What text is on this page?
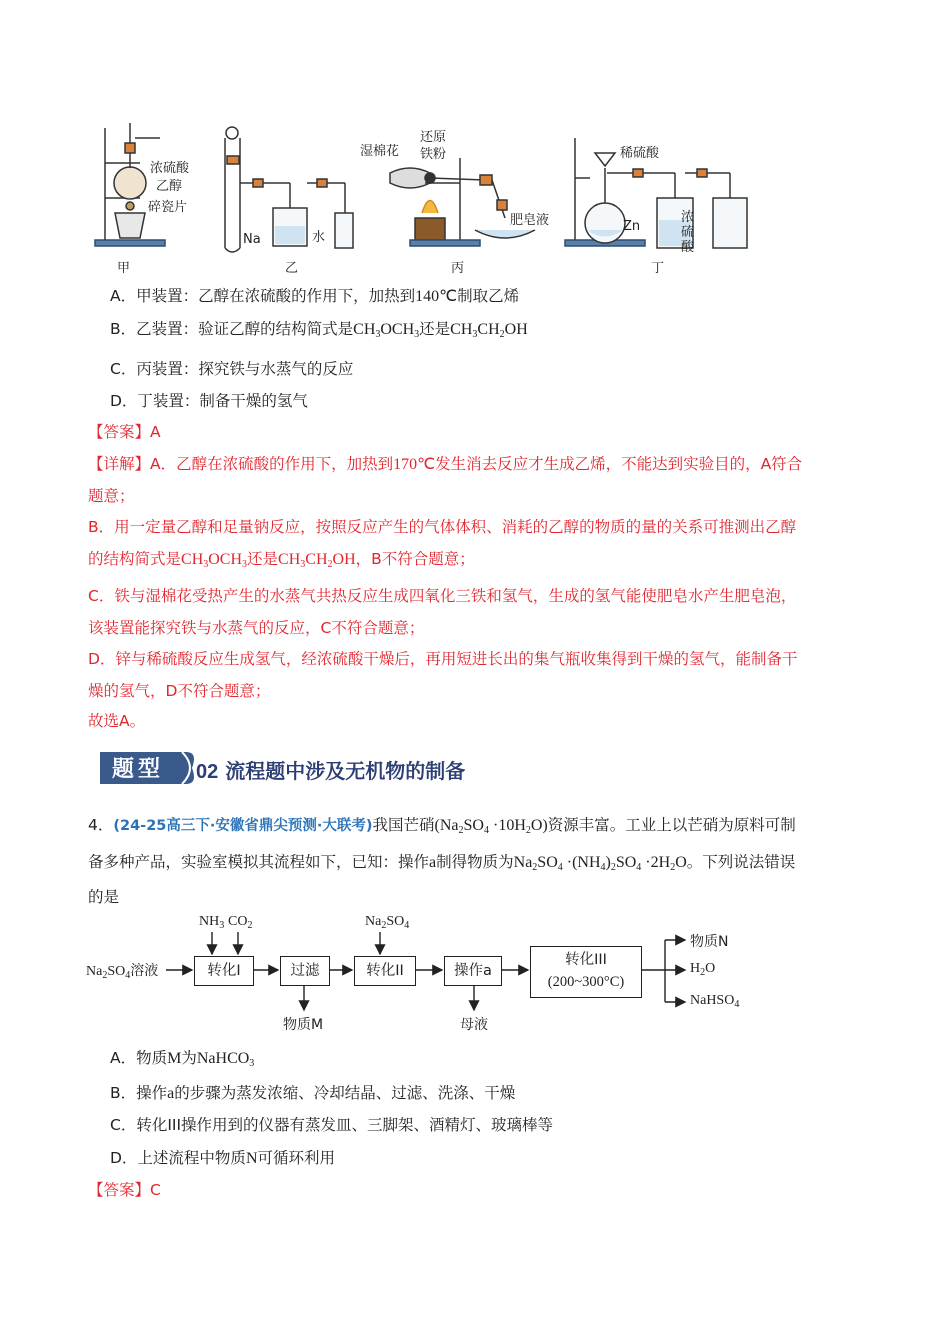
浓硫酸
乙醇
碎瓷片
Na	水
湿棉花
还原
铁粉
肥皂液
稀硫酸
Zn
浓
硫
酸
甲	乙	丙	丁
A．甲装置：乙醇在浓硫酸的作用下，加热到140℃制取乙烯
B．乙装置：验证乙醇的结构简式是$CH_3OCH_3$还是$CH_3CH_2OH$
C．丙装置：探究铁与水蒸气的反应
D．丁装置：制备干燥的氢气
【答案】A
【详解】A．乙醇在浓硫酸的作用下，加热到170℃发生消去反应才生成乙烯，不能达到实验目的，A符合
题意；
B．用一定量乙醇和足量钠反应，按照反应产生的气体体积、消耗的乙醇的物质的量的关系可推测出乙醇
的结构简式是$CH_3OCH_3$还是$CH_3CH_2OH$，B不符合题意；
C．铁与湿棉花受热产生的水蒸气共热反应生成四氧化三铁和氢气，生成的氢气能使肥皂水产生肥皂泡，
该装置能探究铁与水蒸气的反应，C不符合题意；
D．锌与稀硫酸反应生成氢气，经浓硫酸干燥后，再用短进长出的集气瓶收集得到干燥的氢气，能制备干
燥的氢气，D不符合题意；
故选A。
题型 02 流程题中涉及无机物的制备
4．(24-25高三下·安徽省鼎尖预测·大联考)我国芒硝$(Na_2SO_4 \cdot 10H_2O)$资源丰富。工业上以芒硝为原料可制
备多种产品，实验室模拟其流程如下，已知：操作a制得物质为$Na_2SO_4 \cdot(NH_4)_2SO_4 \cdot 2H_2O$。下列说法错误
的是
$Na_2SO_4$溶液
$NH_3$ $CO_2$	$Na_2SO_4$
转化I	过滤	转化II	操作a
转化III
(200~300°C)
物质M	母液
物质N
$H_2O$
NaHSO$_4$
A．物质M为NaHCO$_3$
B．操作a的步骤为蒸发浓缩、冷却结晶、过滤、洗涤、干燥
C．转化III操作用到的仪器有蒸发皿、三脚架、酒精灯、玻璃棒等
D．上述流程中物质N可循环利用
【答案】C
